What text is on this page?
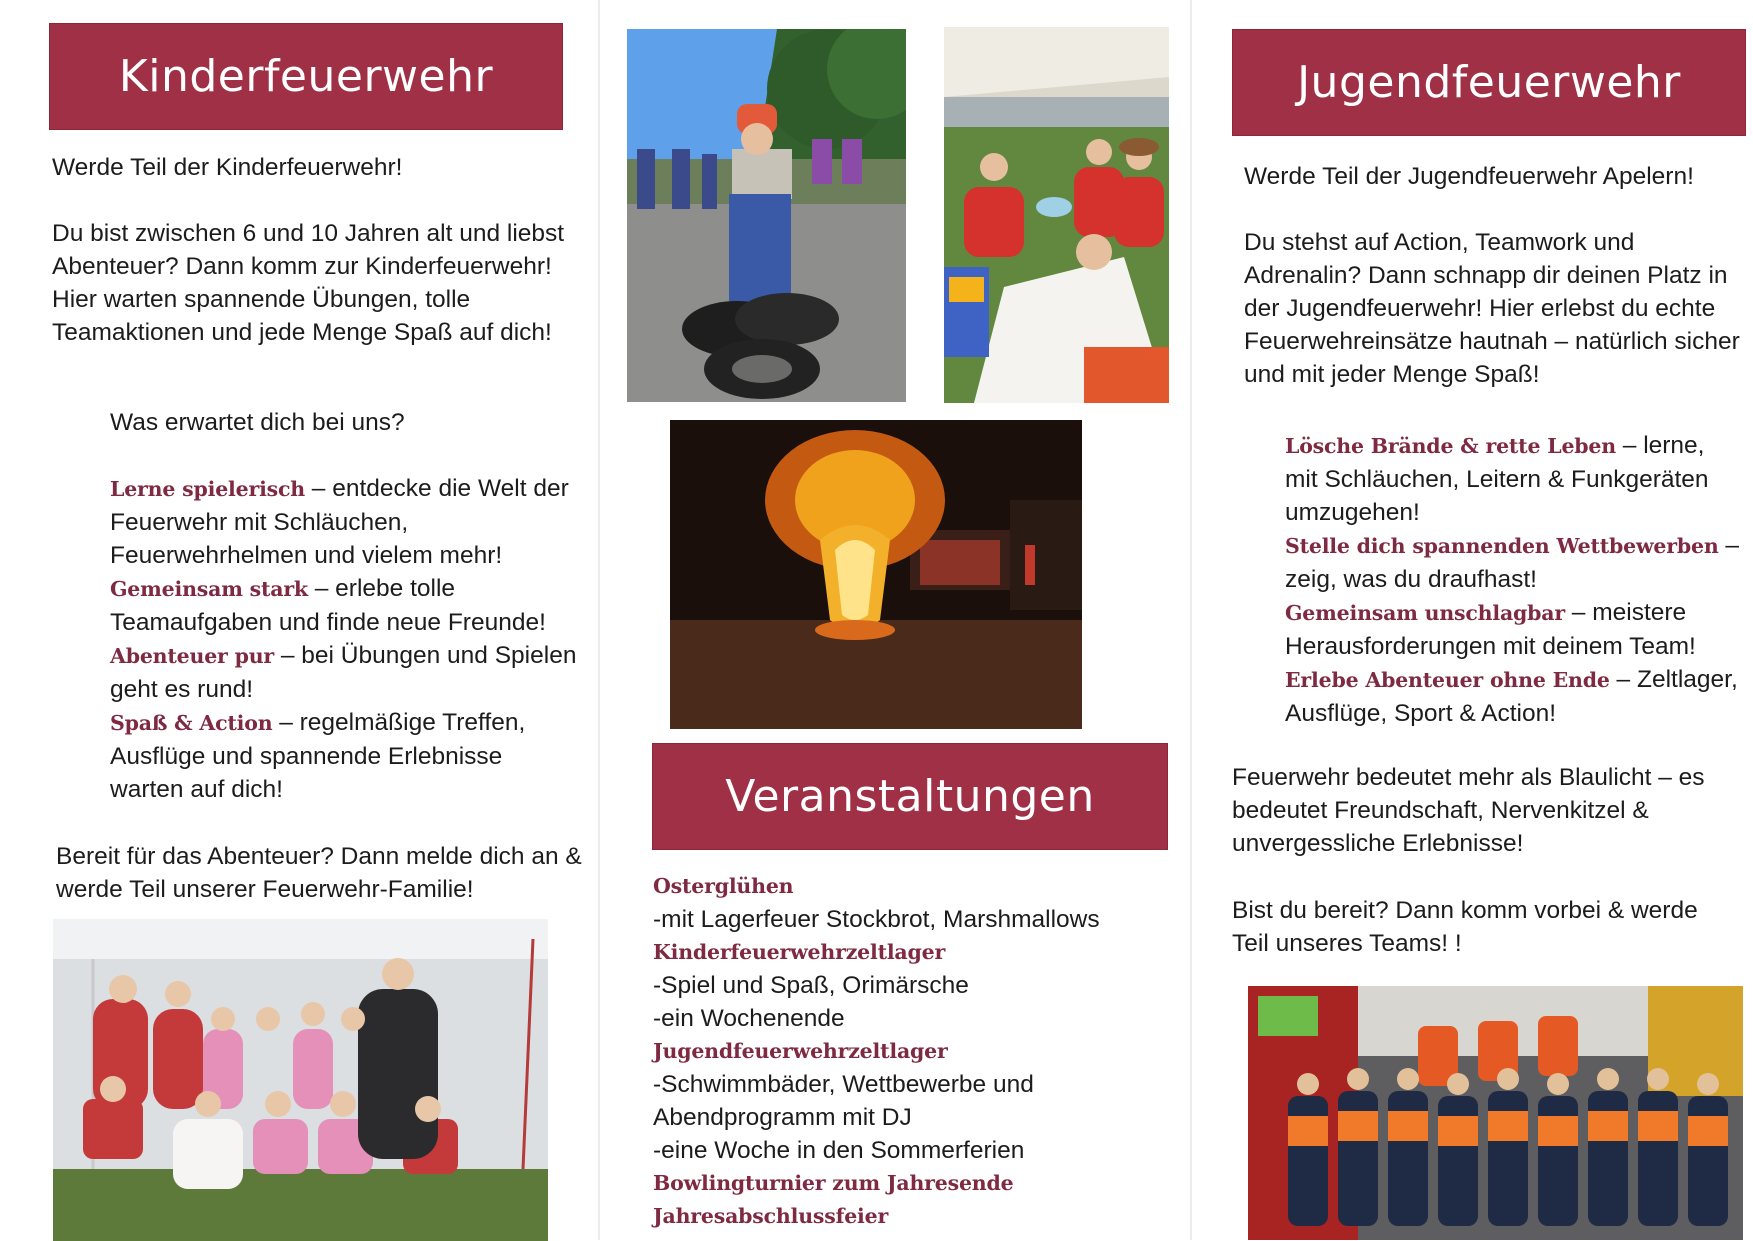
Kinderfeuerwehr

Werde Teil der Kinderfeuerwehr!

Du bist zwischen 6 und 10 Jahren alt und liebst Abenteuer? Dann komm zur Kinderfeuerwehr! Hier warten spannende Übungen, tolle Teamaktionen und jede Menge Spaß auf dich!

Was erwartet dich bei uns?

Lerne spielerisch – entdecke die Welt der Feuerwehr mit Schläuchen, Feuerwehrhelmen und vielem mehr!
Gemeinsam stark – erlebe tolle Teamaufgaben und finde neue Freunde!
Abenteuer pur – bei Übungen und Spielen geht es rund!
Spaß & Action – regelmäßige Treffen, Ausflüge und spannende Erlebnisse warten auf dich!

Bereit für das Abenteuer? Dann melde dich an & werde Teil unserer Feuerwehr-Familie!

Veranstaltungen
Osterglühen
-mit Lagerfeuer Stockbrot, Marshmallows
Kinderfeuerwehrzeltlager
-Spiel und Spaß, Orimärsche
-ein Wochenende
Jugendfeuerwehrzeltlager
-Schwimmbäder, Wettbewerbe und Abendprogramm mit DJ
-eine Woche in den Sommerferien
Bowlingturnier zum Jahresende
Jahresabschlussfeier
Jugendfeuerwehr

Werde Teil der Jugendfeuerwehr Apelern!

Du stehst auf Action, Teamwork und Adrenalin? Dann schnapp dir deinen Platz in der Jugendfeuerwehr! Hier erlebst du echte Feuerwehreinsätze hautnah – natürlich sicher und mit jeder Menge Spaß!

Lösche Brände & rette Leben – lerne, mit Schläuchen, Leitern & Funkgeräten umzugehen!
Stelle dich spannenden Wettbewerben – zeig, was du draufhast!
Gemeinsam unschlagbar – meistere Herausforderungen mit deinem Team!
Erlebe Abenteuer ohne Ende – Zeltlager, Ausflüge, Sport & Action!

Feuerwehr bedeutet mehr als Blaulicht – es bedeutet Freundschaft, Nervenkitzel & unvergessliche Erlebnisse!

Bist du bereit? Dann komm vorbei & werde Teil unseres Teams! !
